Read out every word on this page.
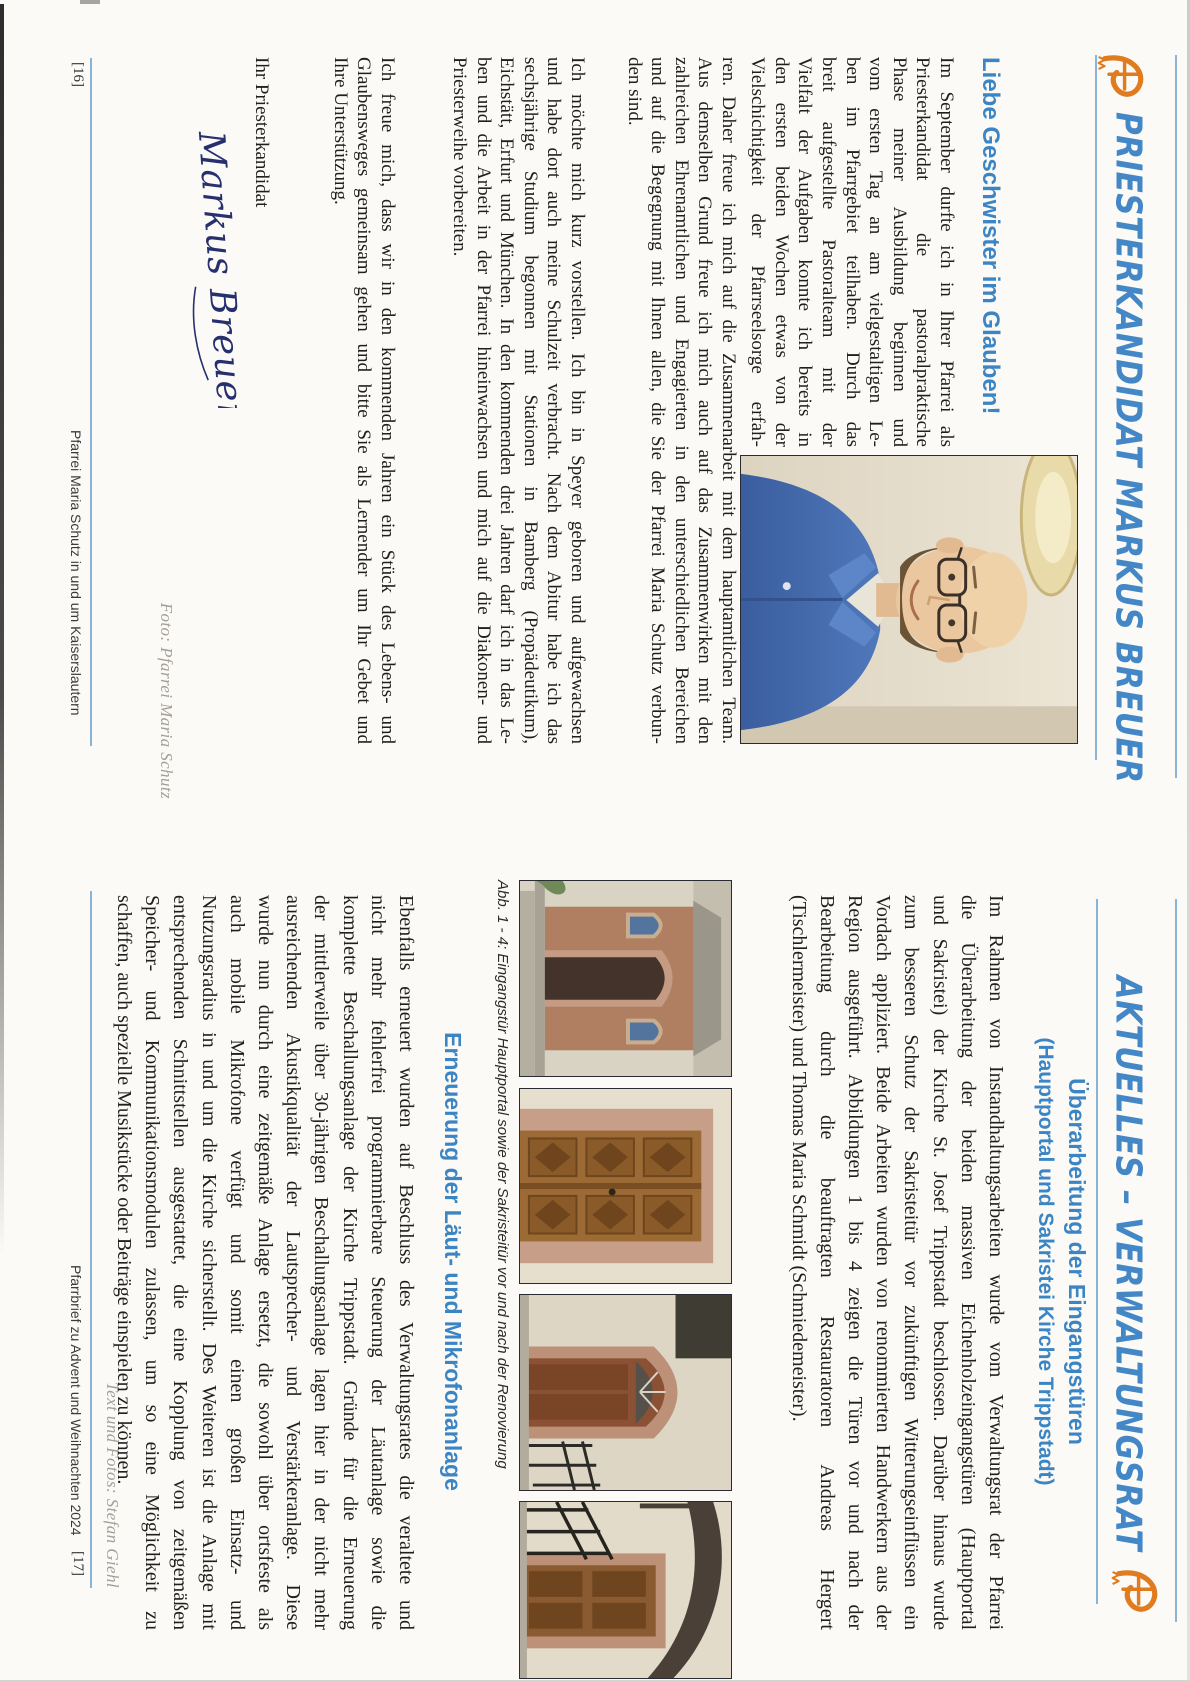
PRIESTERKANDIDAT MARKUS BREUER
Liebe Geschwister im Glauben!
Im September durfte ich in Ihrer Pfarrei als
Priesterkandidat die pastoralpraktische
Phase meiner Ausbildung beginnen und
vom ersten Tag an am vielgestaltigen Le-
ben im Pfarrgebiet teilhaben. Durch das
breit aufgestellte Pastoralteam mit der
Vielfalt der Aufgaben konnte ich bereits in
den ersten beiden Wochen etwas von der
Vielschichtigkeit der Pfarrseelsorge erfah-
ren. Daher freue ich mich auf die Zusammenarbeit mit dem hauptamtlichen Team.
Aus demselben Grund freue ich mich auch auf das Zusammenwirken mit den
zahlreichen Ehrenamtlichen und Engagierten in den unterschiedlichen Bereichen
und auf die Begegnung mit Ihnen allen, die Sie der Pfarrei Maria Schutz verbun-
den sind.
Ich möchte mich kurz vorstellen. Ich bin in Speyer geboren und aufgewachsen
und habe dort auch meine Schulzeit verbracht. Nach dem Abitur habe ich das
sechsjährige Studium begonnen mit Stationen in Bamberg (Propädeutikum),
Eichstätt, Erfurt und München. In den kommenden drei Jahren darf ich in das Le-
ben und die Arbeit in der Pfarrei hineinwachsen und mich auf die Diakonen- und
Priesterweihe vorbereiten.
Ich freue mich, dass wir in den kommenden Jahren ein Stück des Lebens- und
Glaubensweges gemeinsam gehen und bitte Sie als Lernender um Ihr Gebet und
Ihre Unterstützung.
Ihr Priesterkandidat
Markus Breuer
Foto: Pfarrei Maria Schutz
[16]
Pfarrei Maria Schutz in und um Kaiserslautern
AKTUELLES – VERWALTUNGSRAT
Überarbeitung der Eingangstüren
(Hauptportal und Sakristei Kirche Trippstadt)
Im Rahmen von Instandhaltungsarbeiten wurde vom Verwaltungsrat der Pfarrei
die Überarbeitung der beiden massiven Eichenholzeingangstüren (Hauptportal
und Sakristei) der Kirche St. Josef Trippstadt beschlossen. Darüber hinaus wurde
zum besseren Schutz der Sakristeitür vor zukünftigen Witterungseinflüssen ein
Vordach appliziert. Beide Arbeiten wurden von renommierten Handwerkern aus der
Region ausgeführt. Abbildungen 1 bis 4 zeigen die Türen vor und nach der
Bearbeitung durch die beauftragten Restauratoren Andreas Hergert
(Tischlermeister) und Thomas Maria Schmidt (Schmiedemeister).
Abb. 1 - 4: Eingangstür Hauptportal sowie der Sakristeitür vor und nach der Renovierung
Erneuerung der Läut- und Mikrofonanlage
Ebenfalls erneuert wurden auf Beschluss des Verwaltungsrates die veraltete und
nicht mehr fehlerfrei programmierbare Steuerung der Läutanlage sowie die
komplette Beschallungsanlage der Kirche Trippstadt. Gründe für die Erneuerung
der mittlerweile über 30-jährigen Beschallungsanlage lagen hier in der nicht mehr
ausreichenden Akustikqualität der Lautsprecher- und Verstärkeranlage. Diese
wurde nun durch eine zeitgemäße Anlage ersetzt, die sowohl über ortsfeste als
auch mobile Mikrofone verfügt und somit einen großen Einsatz- und
Nutzungsradius in und um die Kirche sicherstellt. Des Weiteren ist die Anlage mit
entsprechenden Schnittstellen ausgestattet, die eine Kopplung von zeitgemäßen
Speicher- und Kommunikationsmodulen zulassen, um so eine Möglichkeit zu
schaffen, auch spezielle Musikstücke oder Beiträge einspielen zu können.
Text und Fotos: Stefan Giehl
Pfarrbrief zu Advent und Weihnachten 2024
[17]
